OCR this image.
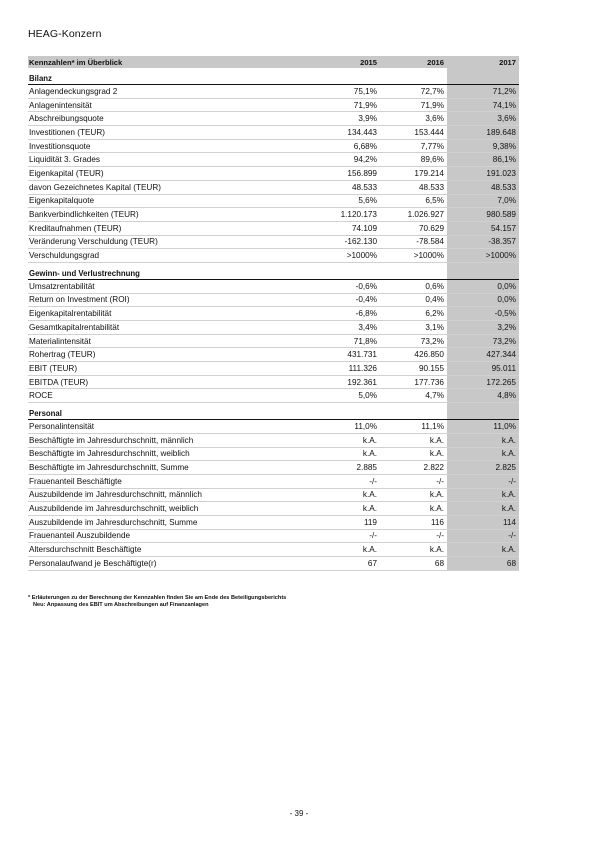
HEAG-Konzern
Kennzahlen* im Überblick	2015	2016	2017
Bilanz
Anlagendeckungsgrad 2	75,1%	72,7%	71,2%
Anlagenintensität	71,9%	71,9%	74,1%
Abschreibungsquote	3,9%	3,6%	3,6%
Investitionen (TEUR)	134.443	153.444	189.648
Investitionsquote	6,68%	7,77%	9,38%
Liquidität 3. Grades	94,2%	89,6%	86,1%
Eigenkapital (TEUR)	156.899	179.214	191.023
davon Gezeichnetes Kapital (TEUR)	48.533	48.533	48.533
Eigenkapitalquote	5,6%	6,5%	7,0%
Bankverbindlichkeiten (TEUR)	1.120.173	1.026.927	980.589
Kreditaufnahmen (TEUR)	74.109	70.629	54.157
Veränderung Verschuldung (TEUR)	-162.130	-78.584	-38.357
Verschuldungsgrad	>1000%	>1000%	>1000%
Gewinn- und Verlustrechnung
Umsatzrentabilität	-0,6%	0,6%	0,0%
Return on Investment (ROI)	-0,4%	0,4%	0,0%
Eigenkapitalrentabilität	-6,8%	6,2%	-0,5%
Gesamtkapitalrentabilität	3,4%	3,1%	3,2%
Materialintensität	71,8%	73,2%	73,2%
Rohertrag (TEUR)	431.731	426.850	427.344
EBIT (TEUR)	111.326	90.155	95.011
EBITDA (TEUR)	192.361	177.736	172.265
ROCE	5,0%	4,7%	4,8%
Personal
Personalintensität	11,0%	11,1%	11,0%
Beschäftigte im Jahresdurchschnitt, männlich	k.A.	k.A.	k.A.
Beschäftigte im Jahresdurchschnitt, weiblich	k.A.	k.A.	k.A.
Beschäftigte im Jahresdurchschnitt, Summe	2.885	2.822	2.825
Frauenanteil Beschäftigte	-/-	-/-	-/-
Auszubildende im Jahresdurchschnitt, männlich	k.A.	k.A.	k.A.
Auszubildende im Jahresdurchschnitt, weiblich	k.A.	k.A.	k.A.
Auszubildende im Jahresdurchschnitt, Summe	119	116	114
Frauenanteil Auszubildende	-/-	-/-	-/-
Altersdurchschnitt Beschäftigte	k.A.	k.A.	k.A.
Personalaufwand je Beschäftigte(r)	67	68	68
* Erläuterungen zu der Berechnung der Kennzahlen finden Sie am Ende des Beteiligungsberichts
Neu: Anpassung des EBIT um Abschreibungen auf Finanzanlagen
- 39 -
